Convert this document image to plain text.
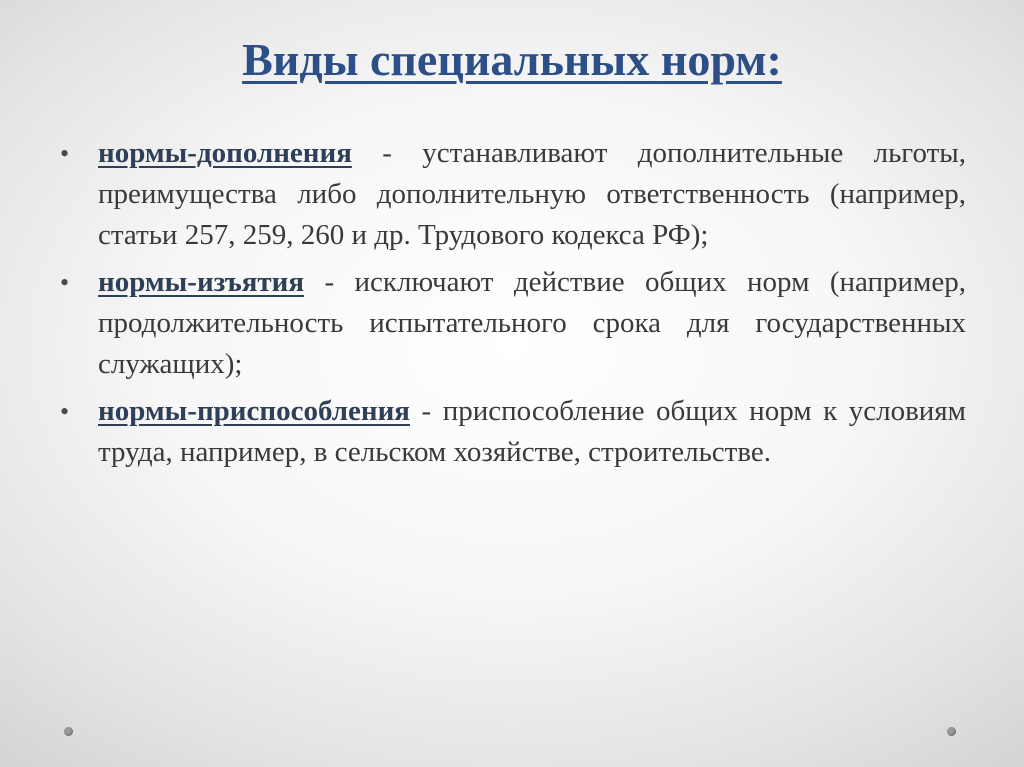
Виды специальных норм:
• нормы-дополнения - устанавливают дополнительные льготы, преимущества либо дополнительную ответственность (например, статьи 257, 259, 260 и др. Трудового кодекса РФ);
• нормы-изъятия - исключают действие общих норм (например, продолжительность испытательного срока для государственных служащих);
• нормы-приспособления - приспособление общих норм к условиям труда, например, в сельском хозяйстве, строительстве.
